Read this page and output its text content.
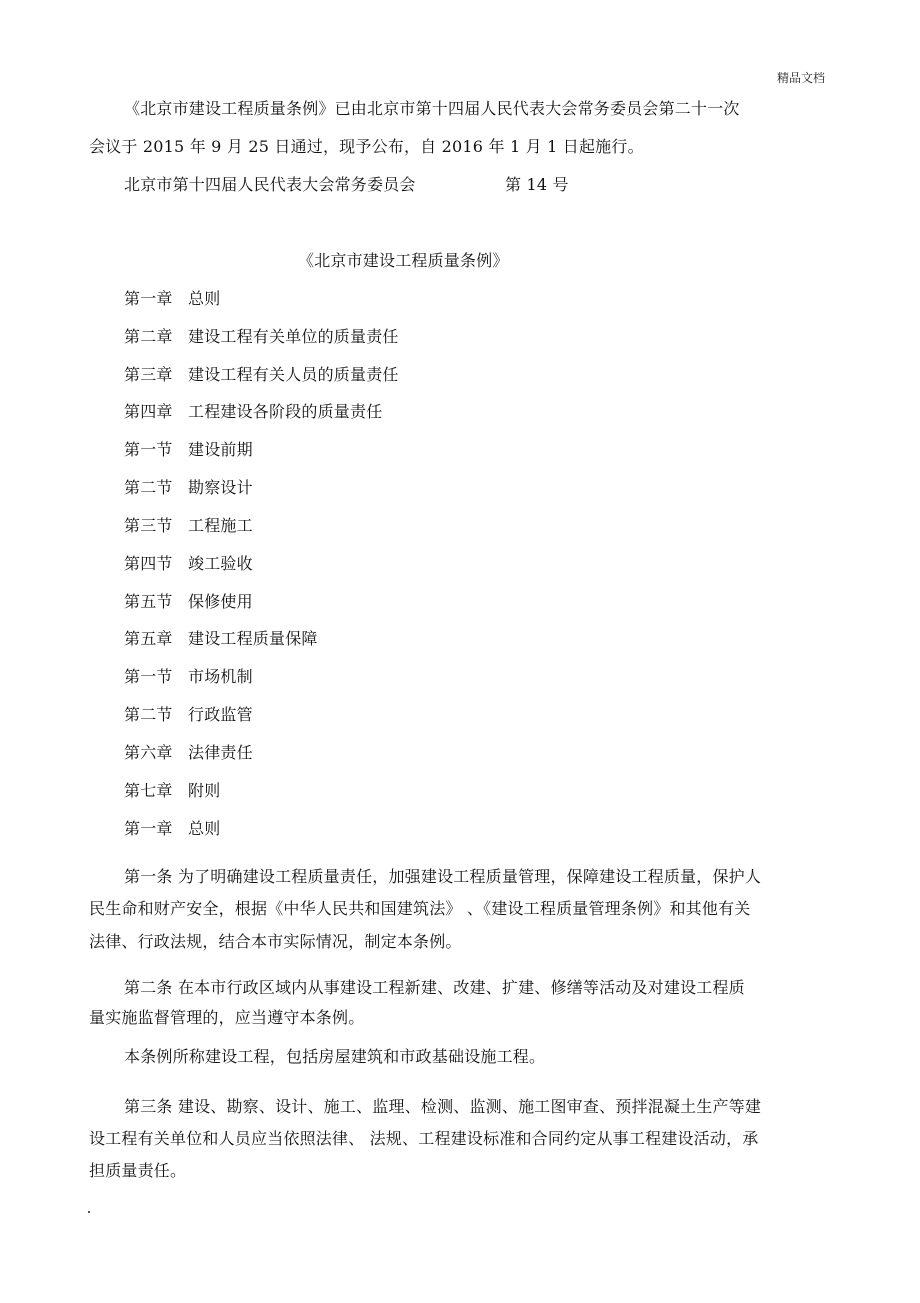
精品文档
《北京市建设工程质量条例》已由北京市第十四届人民代表大会常务委员会第二十一次
会议于 2015 年 9 月 25 日通过，现予公布，自 2016 年 1 月 1 日起施行。
北京市第十四届人民代表大会常务委员会	第 14 号
《北京市建设工程质量条例》
第一章 总则
第二章 建设工程有关单位的质量责任
第三章 建设工程有关人员的质量责任
第四章 工程建设各阶段的质量责任
第一节 建设前期
第二节 勘察设计
第三节 工程施工
第四节 竣工验收
第五节 保修使用
第五章 建设工程质量保障
第一节 市场机制
第二节 行政监管
第六章 法律责任
第七章 附则
第一章 总则
第一条 为了明确建设工程质量责任，加强建设工程质量管理，保障建设工程质量，保护人
民生命和财产安全，根据《中华人民共和国建筑法》 、《建设工程质量管理条例》和其他有关
法律、行政法规，结合本市实际情况，制定本条例。
第二条 在本市行政区域内从事建设工程新建、改建、扩建、修缮等活动及对建设工程质
量实施监督管理的，应当遵守本条例。
本条例所称建设工程，包括房屋建筑和市政基础设施工程。
第三条 建设、勘察、设计、施工、监理、检测、监测、施工图审查、预拌混凝土生产等建
设工程有关单位和人员应当依照法律、 法规、工程建设标准和合同约定从事工程建设活动，承
担质量责任。
